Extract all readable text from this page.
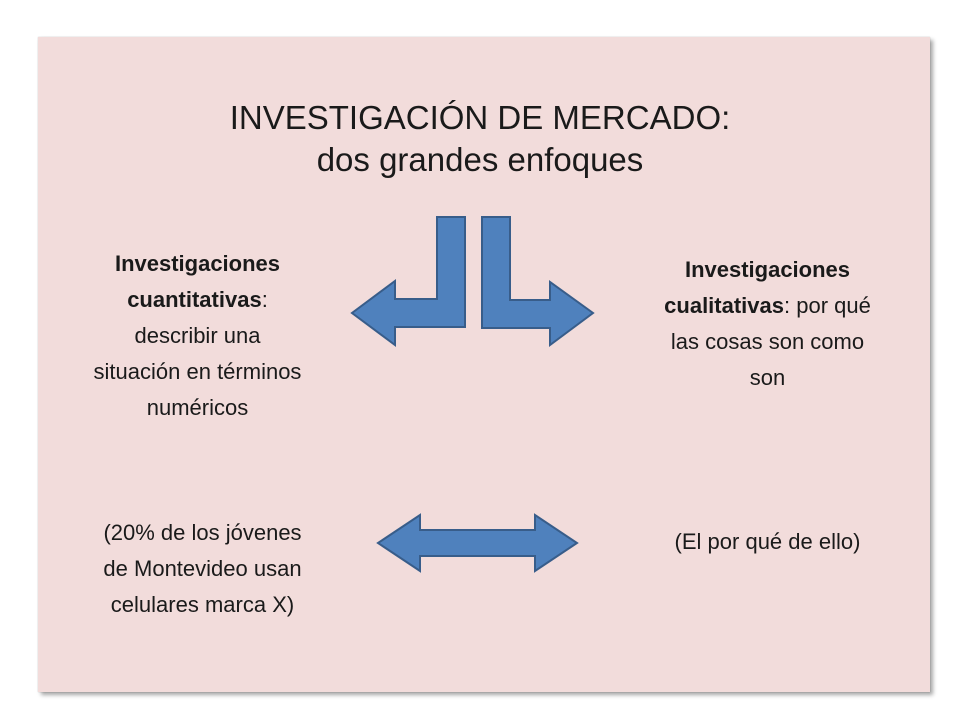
INVESTIGACIÓN DE MERCADO:
dos grandes enfoques
Investigaciones
cuantitativas:
describir una
situación en términos
numéricos
Investigaciones
cualitativas: por qué
las cosas son como
son
(20% de los jóvenes
de Montevideo usan
celulares marca X)
(El por qué de ello)
